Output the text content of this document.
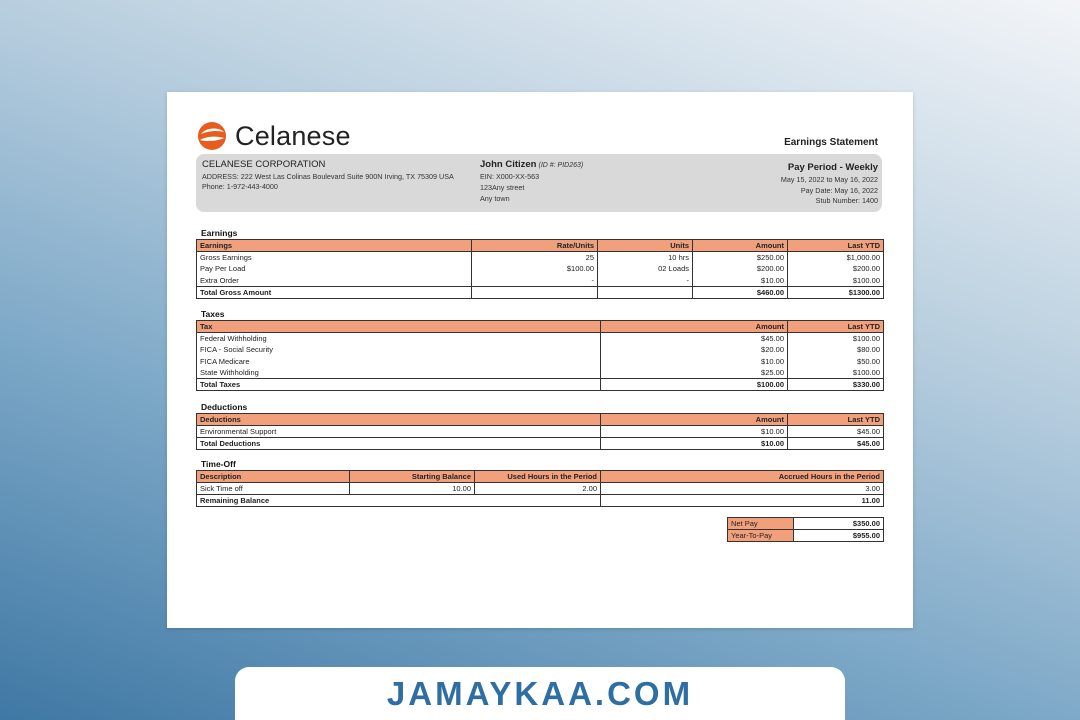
Celanese	Earnings Statement
CELANESE CORPORATION
ADDRESS: 222 West Las Colinas Boulevard Suite 900N Irving, TX 75309 USA
Phone: 1-972-443-4000
John Citizen (ID #: PID263)
EIN: X000-XX-563
123Any street
Any town
Pay Period - Weekly
May 15, 2022 to May 16, 2022
Pay Date: May 16, 2022
Stub Number: 1400
Earnings
Earnings	Rate/Units	Units	Amount	Last YTD
Gross Earnings	25	10 hrs	$250.00	$1,000.00
Pay Per Load	$100.00	02 Loads	$200.00	$200.00
Extra Order	-	-	$10.00	$100.00
Total Gross Amount			$460.00	$1300.00
Taxes
Tax	Amount	Last YTD
Federal Withholding	$45.00	$100.00
FICA - Social Security	$20.00	$80.00
FICA Medicare	$10.00	$50.00
State Withholding	$25.00	$100.00
Total Taxes	$100.00	$330.00
Deductions
Deductions	Amount	Last YTD
Environmental Support	$10.00	$45.00
Total Deductions	$10.00	$45.00
Time-Off
Description	Starting Balance	Used Hours in the Period	Accrued Hours in the Period
Sick Time off	10.00	2.00	3.00
Remaining Balance			11.00
Net Pay	$350.00
Year-To-Pay	$955.00
JAMAYKAA.COM
